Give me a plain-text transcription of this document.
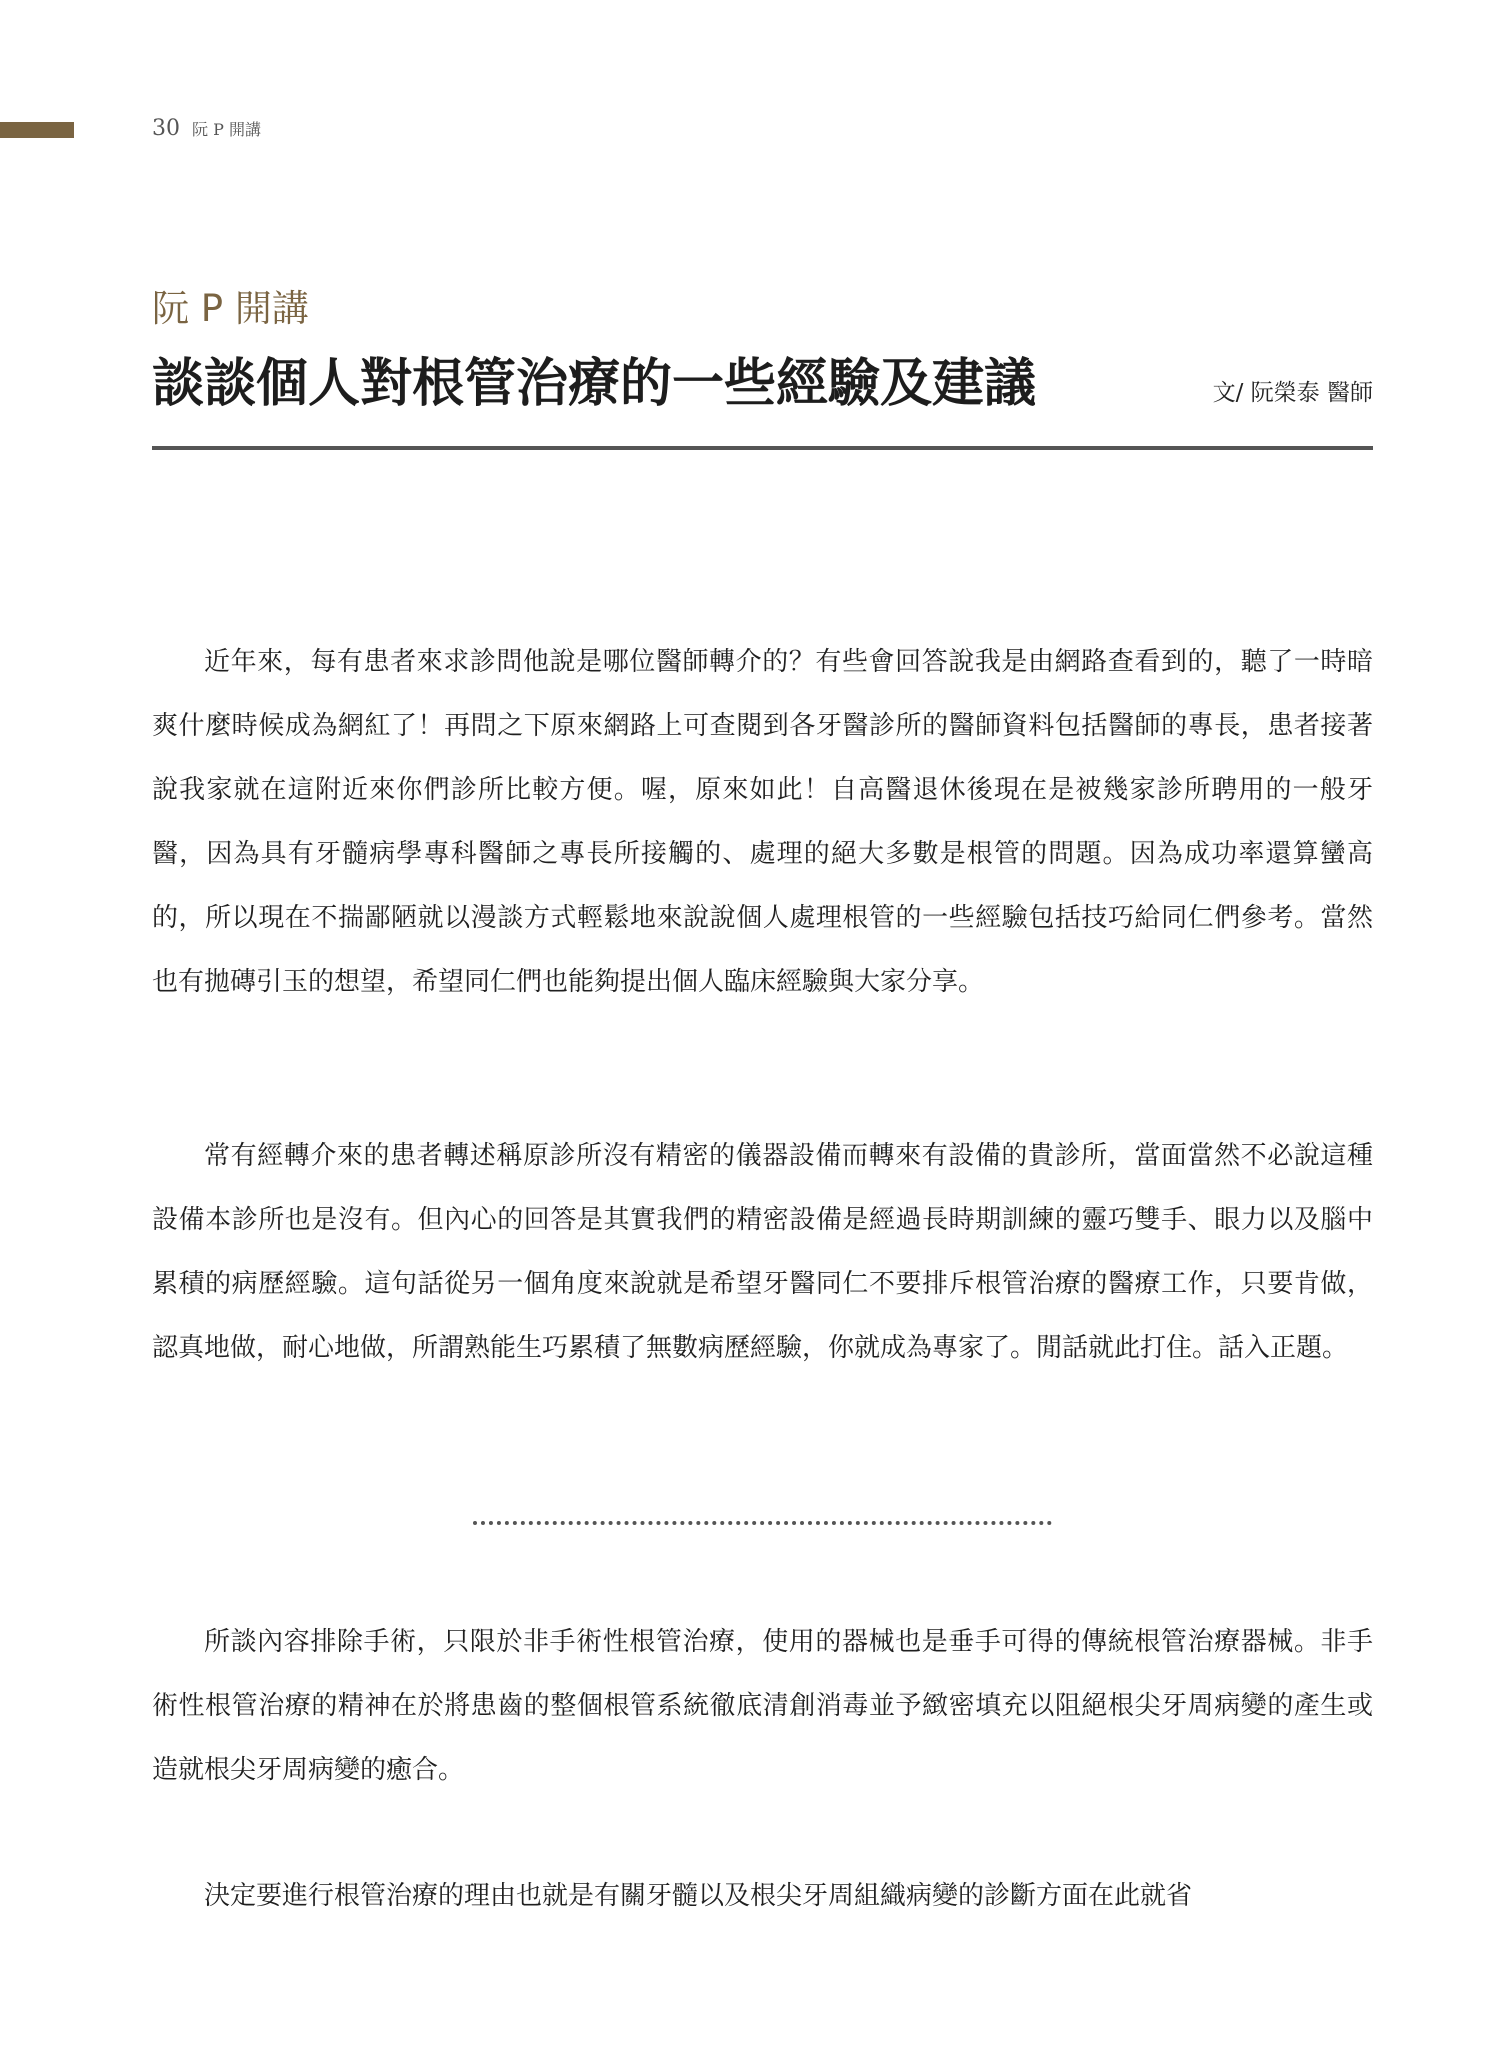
30 阮 P 開講
阮 P 開講
談談個人對根管治療的一些經驗及建議	文/ 阮榮泰 醫師

近年來，每有患者來求診問他說是哪位醫師轉介的？有些會回答說我是由網路查看到的，聽了一時暗爽什麼時候成為網紅了！再問之下原來網路上可查閱到各牙醫診所的醫師資料包括醫師的專長，患者接著說我家就在這附近來你們診所比較方便。喔，原來如此！自高醫退休後現在是被幾家診所聘用的一般牙醫，因為具有牙髓病學專科醫師之專長所接觸的、處理的絕大多數是根管的問題。因為成功率還算蠻高的，所以現在不揣鄙陋就以漫談方式輕鬆地來說說個人處理根管的一些經驗包括技巧給同仁們參考。當然也有拋磚引玉的想望，希望同仁們也能夠提出個人臨床經驗與大家分享。

常有經轉介來的患者轉述稱原診所沒有精密的儀器設備而轉來有設備的貴診所，當面當然不必說這種設備本診所也是沒有。但內心的回答是其實我們的精密設備是經過長時期訓練的靈巧雙手、眼力以及腦中累積的病歷經驗。這句話從另一個角度來說就是希望牙醫同仁不要排斥根管治療的醫療工作，只要肯做，認真地做，耐心地做，所謂熟能生巧累積了無數病歷經驗，你就成為專家了。閒話就此打住。話入正題。

所談內容排除手術，只限於非手術性根管治療，使用的器械也是垂手可得的傳統根管治療器械。非手術性根管治療的精神在於將患齒的整個根管系統徹底清創消毒並予緻密填充以阻絕根尖牙周病變的產生或造就根尖牙周病變的癒合。

決定要進行根管治療的理由也就是有關牙髓以及根尖牙周組織病變的診斷方面在此就省
